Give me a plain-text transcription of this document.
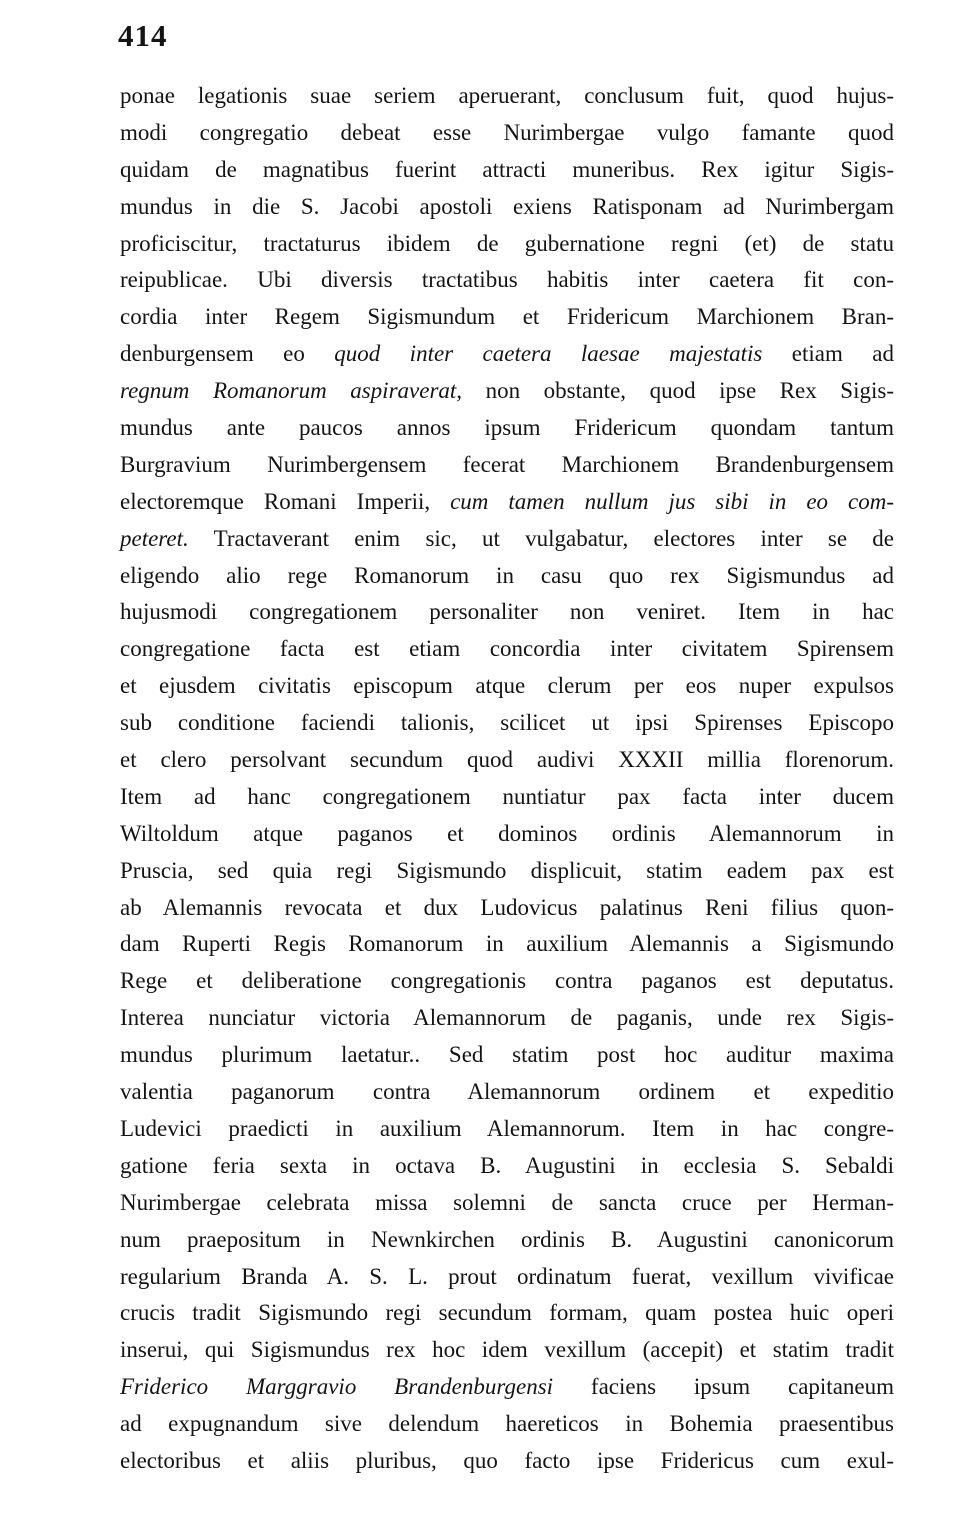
414

ponae legationis suae seriem aperuerant, conclusum fuit, quod hujus-
modi congregatio debeat esse Nurimbergae vulgo famante quod
quidam de magnatibus fuerint attracti muneribus. Rex igitur Sigis-
mundus in die S. Jacobi apostoli exiens Ratisponam ad Nurimbergam
proficiscitur, tractaturus ibidem de gubernatione regni (et) de statu
reipublicae. Ubi diversis tractatibus habitis inter caetera fit con-
cordia inter Regem Sigismundum et Fridericum Marchionem Bran-
denburgensem eo quod inter caetera laesae majestatis etiam ad
regnum Romanorum aspiraverat, non obstante, quod ipse Rex Sigis-
mundus ante paucos annos ipsum Fridericum quondam tantum
Burgravium Nurimbergensem fecerat Marchionem Brandenburgensem
electoremque Romani Imperii, cum tamen nullum jus sibi in eo com-
peteret. Tractaverant enim sic, ut vulgabatur, electores inter se de
eligendo alio rege Romanorum in casu quo rex Sigismundus ad
hujusmodi congregationem personaliter non veniret. Item in hac
congregatione facta est etiam concordia inter civitatem Spirensem
et ejusdem civitatis episcopum atque clerum per eos nuper expulsos
sub conditione faciendi talionis, scilicet ut ipsi Spirenses Episcopo
et clero persolvant secundum quod audivi XXXII millia florenorum.
Item ad hanc congregationem nuntiatur pax facta inter ducem
Wiltoldum atque paganos et dominos ordinis Alemannorum in
Pruscia, sed quia regi Sigismundo displicuit, statim eadem pax est
ab Alemannis revocata et dux Ludovicus palatinus Reni filius quon-
dam Ruperti Regis Romanorum in auxilium Alemannis a Sigismundo
Rege et deliberatione congregationis contra paganos est deputatus.
Interea nunciatur victoria Alemannorum de paganis, unde rex Sigis-
mundus plurimum laetatur.. Sed statim post hoc auditur maxima
valentia paganorum contra Alemannorum ordinem et expeditio
Ludevici praedicti in auxilium Alemannorum. Item in hac congre-
gatione feria sexta in octava B. Augustini in ecclesia S. Sebaldi
Nurimbergae celebrata missa solemni de sancta cruce per Herman-
num praepositum in Newnkirchen ordinis B. Augustini canonicorum
regularium Branda A. S. L. prout ordinatum fuerat, vexillum vivificae
crucis tradit Sigismundo regi secundum formam, quam postea huic operi
inserui, qui Sigismundus rex hoc idem vexillum (accepit) et statim tradit
Friderico Marggravio Brandenburgensi faciens ipsum capitaneum
ad expugnandum sive delendum haereticos in Bohemia praesentibus
electoribus et aliis pluribus, quo facto ipse Fridericus cum exul-
